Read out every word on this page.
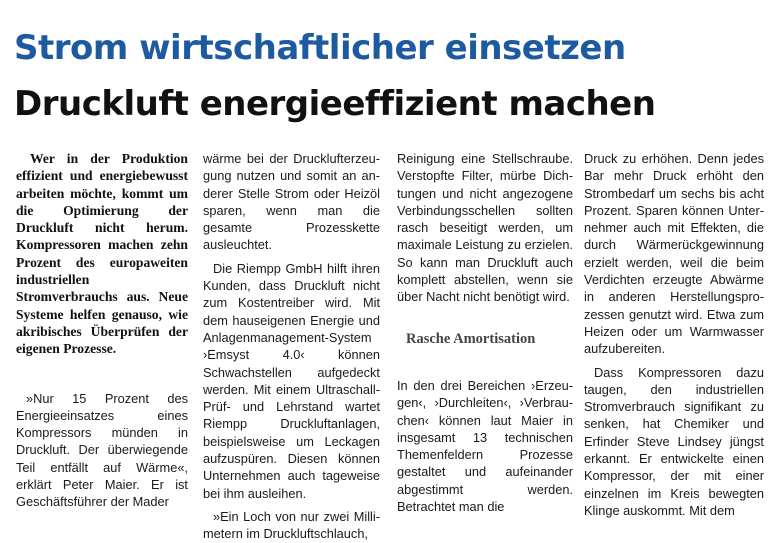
Strom wirtschaftlicher einsetzen
Druckluft energieeffizient machen

Wer in der Produktion effizient und energiebewusst arbeiten möchte, kommt um die Optimierung der Druckluft nicht herum. Kompressoren machen zehn Prozent des europaweiten industriellen Stromverbrauchs aus. Neue Systeme helfen genauso, wie akribisches Überprüfen der eigenen Prozesse.

»Nur 15 Prozent des Energieeinsatzes eines Kompressors münden in Druckluft. Der überwiegende Teil entfällt auf Wärme«, erklärt Peter Maier. Er ist Geschäftsführer der Mader

wärme bei der Drucklufterzeugung nutzen und somit an anderer Stelle Strom oder Heizöl sparen, wenn man die gesamte Prozesskette ausleuchtet.

Die Riempp GmbH hilft ihren Kunden, dass Druckluft nicht zum Kostentreiber wird. Mit dem hauseigenen Energie und Anlagenmanagement-System ›Emsyst 4.0‹ können Schwachstellen aufgedeckt werden. Mit einem Ultraschall-Prüf- und Lehrstand wartet Riempp Druckluftanlagen, beispielsweise um Leckagen aufzuspüren. Diesen können Unternehmen auch tageweise bei ihm ausleihen.

»Ein Loch von nur zwei Millimetern im Druckluftschlauch,

Reinigung eine Stellschraube. Verstopfte Filter, mürbe Dichtungen und nicht angezogene Verbindungsschellen sollten rasch beseitigt werden, um maximale Leistung zu erzielen. So kann man Druckluft auch komplett abstellen, wenn sie über Nacht nicht benötigt wird.

Rasche Amortisation

In den drei Bereichen ›Erzeugen‹, ›Durchleiten‹, ›Verbrauchen‹ können laut Maier in insgesamt 13 technischen Themenfeldern Prozesse gestaltet und aufeinander abgestimmt werden. Betrachtet man die

Druck zu erhöhen. Denn jedes Bar mehr Druck erhöht den Strombedarf um sechs bis acht Prozent. Sparen können Unternehmer auch mit Effekten, die durch Wärmerückgewinnung erzielt werden, weil die beim Verdichten erzeugte Abwärme in anderen Herstellungsprozessen genutzt wird. Etwa zum Heizen oder um Warmwasser aufzubereiten.

Dass Kompressoren dazu taugen, den industriellen Stromverbrauch signifikant zu senken, hat Chemiker und Erfinder Steve Lindsey jüngst erkannt. Er entwickelte einen Kompressor, der mit einer einzelnen im Kreis bewegten Klinge auskommt. Mit dem
